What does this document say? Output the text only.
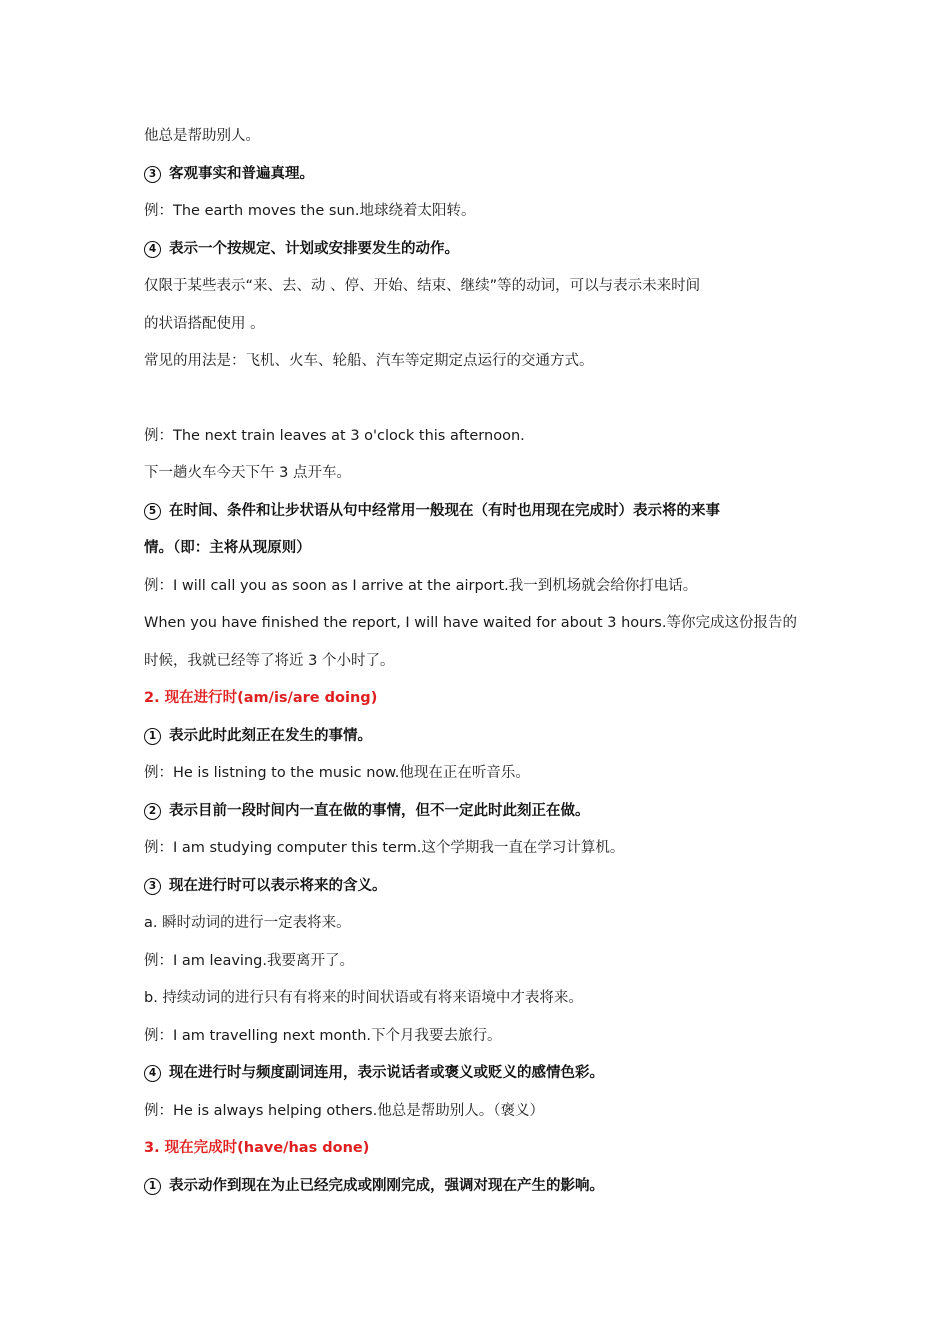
他总是帮助别人。
3 客观事实和普遍真理。
例：The earth moves the sun.地球绕着太阳转。
4 表示一个按规定、计划或安排要发生的动作。
仅限于某些表示“来、去、动 、停、开始、结束、继续”等的动词，可以与表示未来时间
的状语搭配使用 。
常见的用法是：飞机、火车、轮船、汽车等定期定点运行的交通方式。
例：The next train leaves at 3 o'clock this afternoon.
下一趟火车今天下午 3 点开车。
5 在时间、条件和让步状语从句中经常用一般现在（有时也用现在完成时）表示将的来事
情。（即：主将从现原则）
例：I will call you as soon as I arrive at the airport.我一到机场就会给你打电话。
When you have finished the report, I will have waited for about 3 hours.等你完成这份报告的
时候，我就已经等了将近 3 个小时了。
2. 现在进行时(am/is/are doing)
1 表示此时此刻正在发生的事情。
例：He is listning to the music now.他现在正在听音乐。
2 表示目前一段时间内一直在做的事情，但不一定此时此刻正在做。
例：I am studying computer this term.这个学期我一直在学习计算机。
3 现在进行时可以表示将来的含义。
a. 瞬时动词的进行一定表将来。
例：I am leaving.我要离开了。
b. 持续动词的进行只有有将来的时间状语或有将来语境中才表将来。
例：I am travelling next month.下个月我要去旅行。
4 现在进行时与频度副词连用，表示说话者或褒义或贬义的感情色彩。
例：He is always helping others.他总是帮助别人。（褒义）
3. 现在完成时(have/has done)
1 表示动作到现在为止已经完成或刚刚完成，强调对现在产生的影响。
